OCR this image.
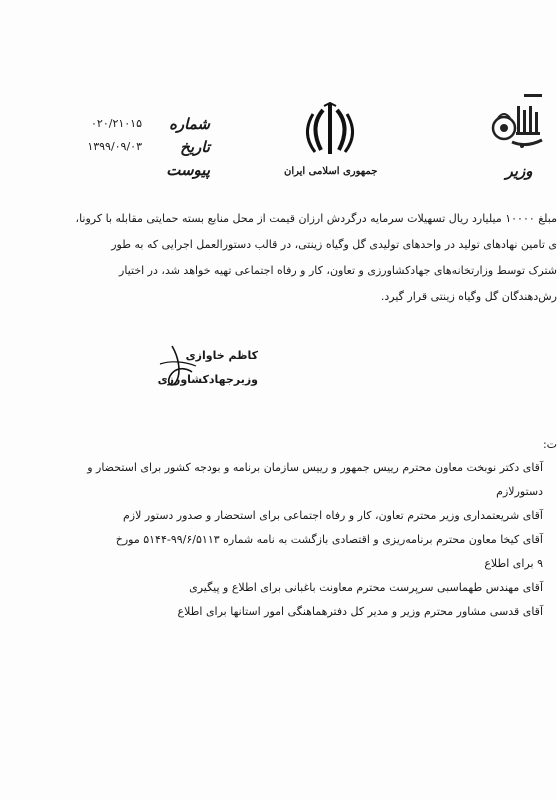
وزیر
جمهوری اسلامی ایران
شماره
۰۲۰/۲۱۰۱۵
تاریخ
۱۳۹۹/۰۹/۰۳
پیوست
مبلغ ۱۰۰۰۰ میلیارد ریال تسهیلات سرمایه درگردش ارزان قیمت از محل منابع بسته حمایتی مقابله با کرونا،
ی تامین نهادهای تولید در واحدهای تولیدی گل وگیاه زینتی، در قالب دستورالعمل اجرایی که به طور
شترک توسط وزارتخانه‌های جهادکشاورزی و تعاون، کار و رفاه اجتماعی تهیه خواهد شد، در اختیار
رش‌دهندگان گل وگیاه زینتی قرار گیرد.
کاظم خاوازی
وزیرجهادکشاورزی
ت:
آقای دکتر نوبخت معاون محترم رییس جمهور و رییس سازمان برنامه و بودجه کشور برای استحضار و
دستورلازم
آقای شریعتمداری وزیر محترم تعاون، کار و رفاه اجتماعی برای استحضار و صدور دستور لازم
آقای کیخا معاون محترم برنامه‌ریزی و اقتصادی بازگشت به نامه شماره ۹۹/۶/۵۱۱۳-۵۱۴۴ مورخ
۹ برای اطلاع
آقای مهندس طهماسبی سرپرست محترم معاونت باغبانی برای اطلاع و پیگیری
آقای قدسی مشاور محترم وزیر و مدیر کل دفترهماهنگی امور استانها برای اطلاع
